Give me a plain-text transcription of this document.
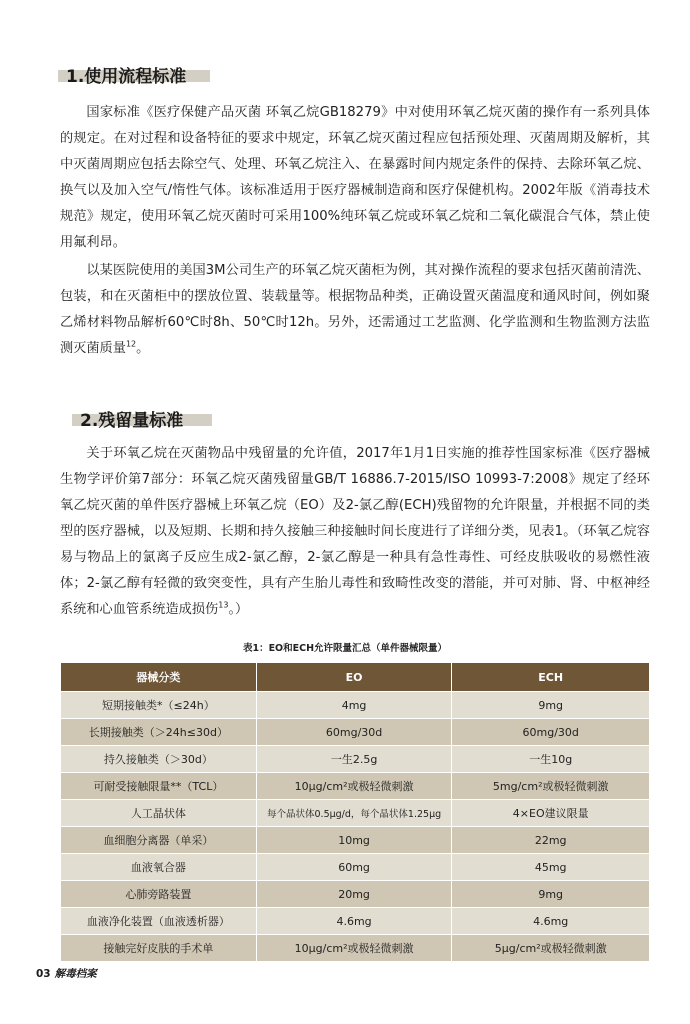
1.使用流程标准

国家标准《医疗保健产品灭菌 环氧乙烷GB18279》中对使用环氧乙烷灭菌的操作有一系列具体的规定。在对过程和设备特征的要求中规定，环氧乙烷灭菌过程应包括预处理、灭菌周期及解析，其中灭菌周期应包括去除空气、处理、环氧乙烷注入、在暴露时间内规定条件的保持、去除环氧乙烷、换气以及加入空气/惰性气体。该标准适用于医疗器械制造商和医疗保健机构。2002年版《消毒技术规范》规定，使用环氧乙烷灭菌时可采用100%纯环氧乙烷或环氧乙烷和二氧化碳混合气体，禁止使用氟利昂。

以某医院使用的美国3M公司生产的环氧乙烷灭菌柜为例，其对操作流程的要求包括灭菌前清洗、包装，和在灭菌柜中的摆放位置、装载量等。根据物品种类，正确设置灭菌温度和通风时间，例如聚乙烯材料物品解析60℃时8h、50℃时12h。另外，还需通过工艺监测、化学监测和生物监测方法监测灭菌质量$^{12}$。

2.残留量标准

关于环氧乙烷在灭菌物品中残留量的允许值，2017年1月1日实施的推荐性国家标准《医疗器械生物学评价第7部分：环氧乙烷灭菌残留量GB/T 16886.7-2015/ISO 10993-7:2008》规定了经环氧乙烷灭菌的单件医疗器械上环氧乙烷（EO）及2-氯乙醇(ECH)残留物的允许限量，并根据不同的类型的医疗器械，以及短期、长期和持久接触三种接触时间长度进行了详细分类，见表1。（环氧乙烷容易与物品上的氯离子反应生成2-氯乙醇，2-氯乙醇是一种具有急性毒性、可经皮肤吸收的易燃性液体；2-氯乙醇有轻微的致突变性，具有产生胎儿毒性和致畸性改变的潜能，并可对肺、肾、中枢神经系统和心血管系统造成损伤$^{13}$。）

表1：EO和ECH允许限量汇总（单件器械限量）
器械分类	EO	ECH
短期接触类*（≤24h）	4mg	9mg
长期接触类（＞24h≤30d）	60mg/30d	60mg/30d
持久接触类（＞30d）	一生2.5g	一生10g
可耐受接触限量**（TCL）	10μg/cm²或极轻微刺激	5mg/cm²或极轻微刺激
人工晶状体	每个晶状体0.5μg/d，每个晶状体1.25μg	4×EO建议限量
血细胞分离器（单采）	10mg	22mg
血液氧合器	60mg	45mg
心肺旁路装置	20mg	9mg
血液净化装置（血液透析器）	4.6mg	4.6mg
接触完好皮肤的手术单	10μg/cm²或极轻微刺激	5μg/cm²或极轻微刺激
03 解毒档案
